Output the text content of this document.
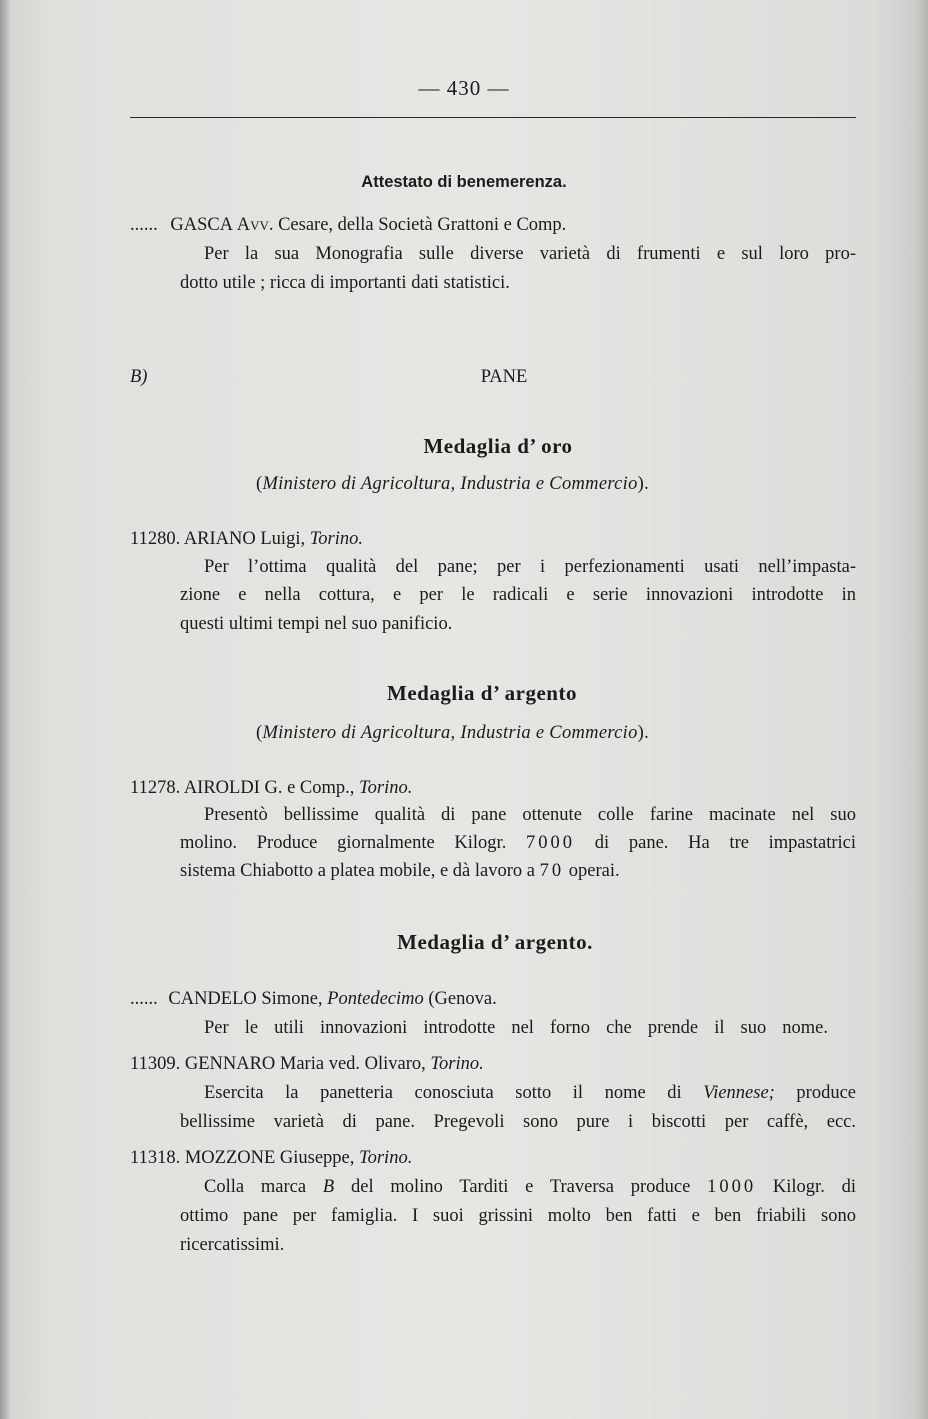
— 430 —
Attestato di benemerenza.
...... GASCA Avv. Cesare, della Società Grattoni e Comp.
Per la sua Monografia sulle diverse varietà di frumenti e sul loro pro-
dotto utile ; ricca di importanti dati statistici.
B)	PANE
Medaglia d’ oro
(Ministero di Agricoltura, Industria e Commercio).
11280. ARIANO Luigi, Torino.
Per l’ottima qualità del pane; per i perfezionamenti usati nell’impasta-
zione e nella cottura, e per le radicali e serie innovazioni introdotte in
questi ultimi tempi nel suo panificio.
Medaglia d’ argento
(Ministero di Agricoltura, Industria e Commercio).
11278. AIROLDI G. e Comp., Torino.
Presentò bellissime qualità di pane ottenute colle farine macinate nel suo
molino. Produce giornalmente Kilogr. 7000 di pane. Ha tre impastatrici
sistema Chiabotto a platea mobile, e dà lavoro a 70 operai.
Medaglia d’ argento.
...... CANDELO Simone, Pontedecimo (Genova.
Per le utili innovazioni introdotte nel forno che prende il suo nome.
11309. GENNARO Maria ved. Olivaro, Torino.
Esercita la panetteria conosciuta sotto il nome di Viennese; produce
bellissime varietà di pane. Pregevoli sono pure i biscotti per caffè, ecc.
11318. MOZZONE Giuseppe, Torino.
Colla marca B del molino Tarditi e Traversa produce 1000 Kilogr. di
ottimo pane per famiglia. I suoi grissini molto ben fatti e ben friabili sono
ricercatissimi.
